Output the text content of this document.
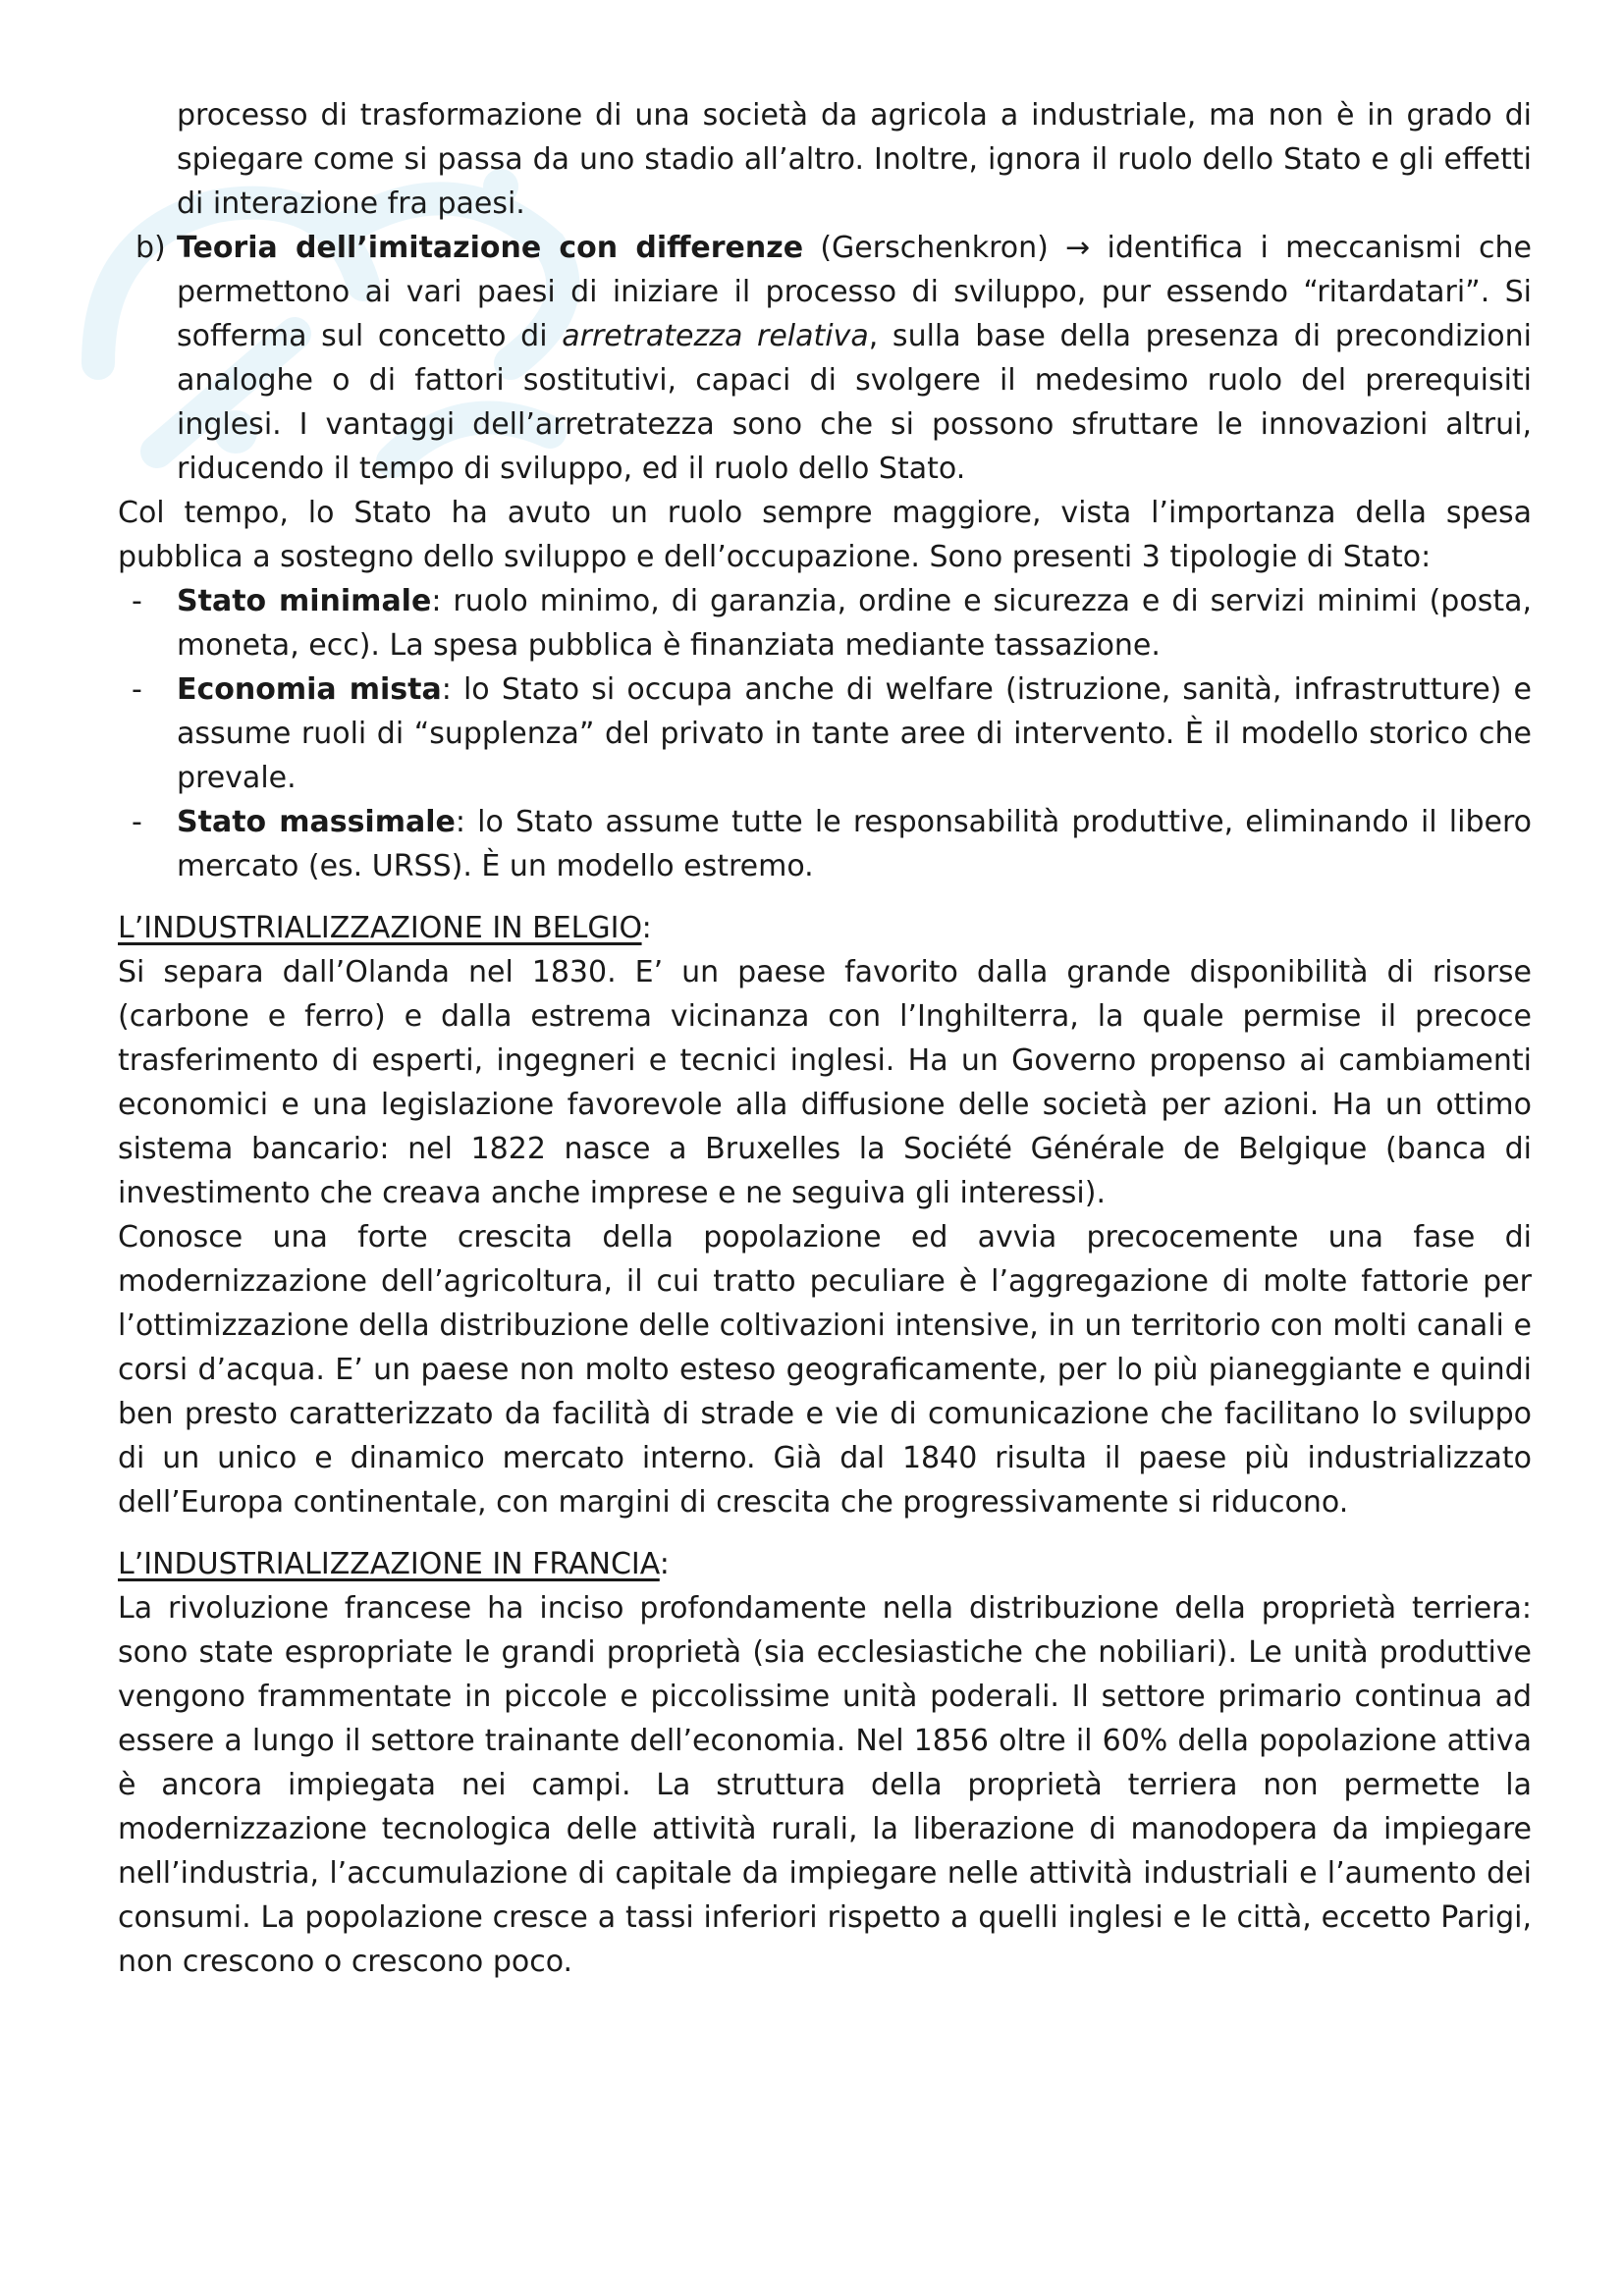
processo di trasformazione di una società da agricola a industriale, ma non è in grado di spiegare come si passa da uno stadio all’altro. Inoltre, ignora il ruolo dello Stato e gli effetti di interazione fra paesi.

b) Teoria dell’imitazione con differenze (Gerschenkron) → identifica i meccanismi che permettono ai vari paesi di iniziare il processo di sviluppo, pur essendo “ritardatari”. Si sofferma sul concetto di arretratezza relativa, sulla base della presenza di precondizioni analoghe o di fattori sostitutivi, capaci di svolgere il medesimo ruolo del prerequisiti inglesi. I vantaggi dell’arretratezza sono che si possono sfruttare le innovazioni altrui, riducendo il tempo di sviluppo, ed il ruolo dello Stato.

Col tempo, lo Stato ha avuto un ruolo sempre maggiore, vista l’importanza della spesa pubblica a sostegno dello sviluppo e dell’occupazione. Sono presenti 3 tipologie di Stato:

- Stato minimale: ruolo minimo, di garanzia, ordine e sicurezza e di servizi minimi (posta, moneta, ecc). La spesa pubblica è finanziata mediante tassazione.

- Economia mista: lo Stato si occupa anche di welfare (istruzione, sanità, infrastrutture) e assume ruoli di “supplenza” del privato in tante aree di intervento. È il modello storico che prevale.

- Stato massimale: lo Stato assume tutte le responsabilità produttive, eliminando il libero mercato (es. URSS). È un modello estremo.

L’INDUSTRIALIZZAZIONE IN BELGIO:

Si separa dall’Olanda nel 1830. E’ un paese favorito dalla grande disponibilità di risorse (carbone e ferro) e dalla estrema vicinanza con l’Inghilterra, la quale permise il precoce trasferimento di esperti, ingegneri e tecnici inglesi. Ha un Governo propenso ai cambiamenti economici e una legislazione favorevole alla diffusione delle società per azioni. Ha un ottimo sistema bancario: nel 1822 nasce a Bruxelles la Société Générale de Belgique (banca di investimento che creava anche imprese e ne seguiva gli interessi).

Conosce una forte crescita della popolazione ed avvia precocemente una fase di modernizzazione dell’agricoltura, il cui tratto peculiare è l’aggregazione di molte fattorie per l’ottimizzazione della distribuzione delle coltivazioni intensive, in un territorio con molti canali e corsi d’acqua. E’ un paese non molto esteso geograficamente, per lo più pianeggiante e quindi ben presto caratterizzato da facilità di strade e vie di comunicazione che facilitano lo sviluppo di un unico e dinamico mercato interno. Già dal 1840 risulta il paese più industrializzato dell’Europa continentale, con margini di crescita che progressivamente si riducono.

L’INDUSTRIALIZZAZIONE IN FRANCIA:

La rivoluzione francese ha inciso profondamente nella distribuzione della proprietà terriera: sono state espropriate le grandi proprietà (sia ecclesiastiche che nobiliari). Le unità produttive vengono frammentate in piccole e piccolissime unità poderali. Il settore primario continua ad essere a lungo il settore trainante dell’economia. Nel 1856 oltre il 60% della popolazione attiva è ancora impiegata nei campi. La struttura della proprietà terriera non permette la modernizzazione tecnologica delle attività rurali, la liberazione di manodopera da impiegare nell’industria, l’accumulazione di capitale da impiegare nelle attività industriali e l’aumento dei consumi. La popolazione cresce a tassi inferiori rispetto a quelli inglesi e le città, eccetto Parigi, non crescono o crescono poco.
